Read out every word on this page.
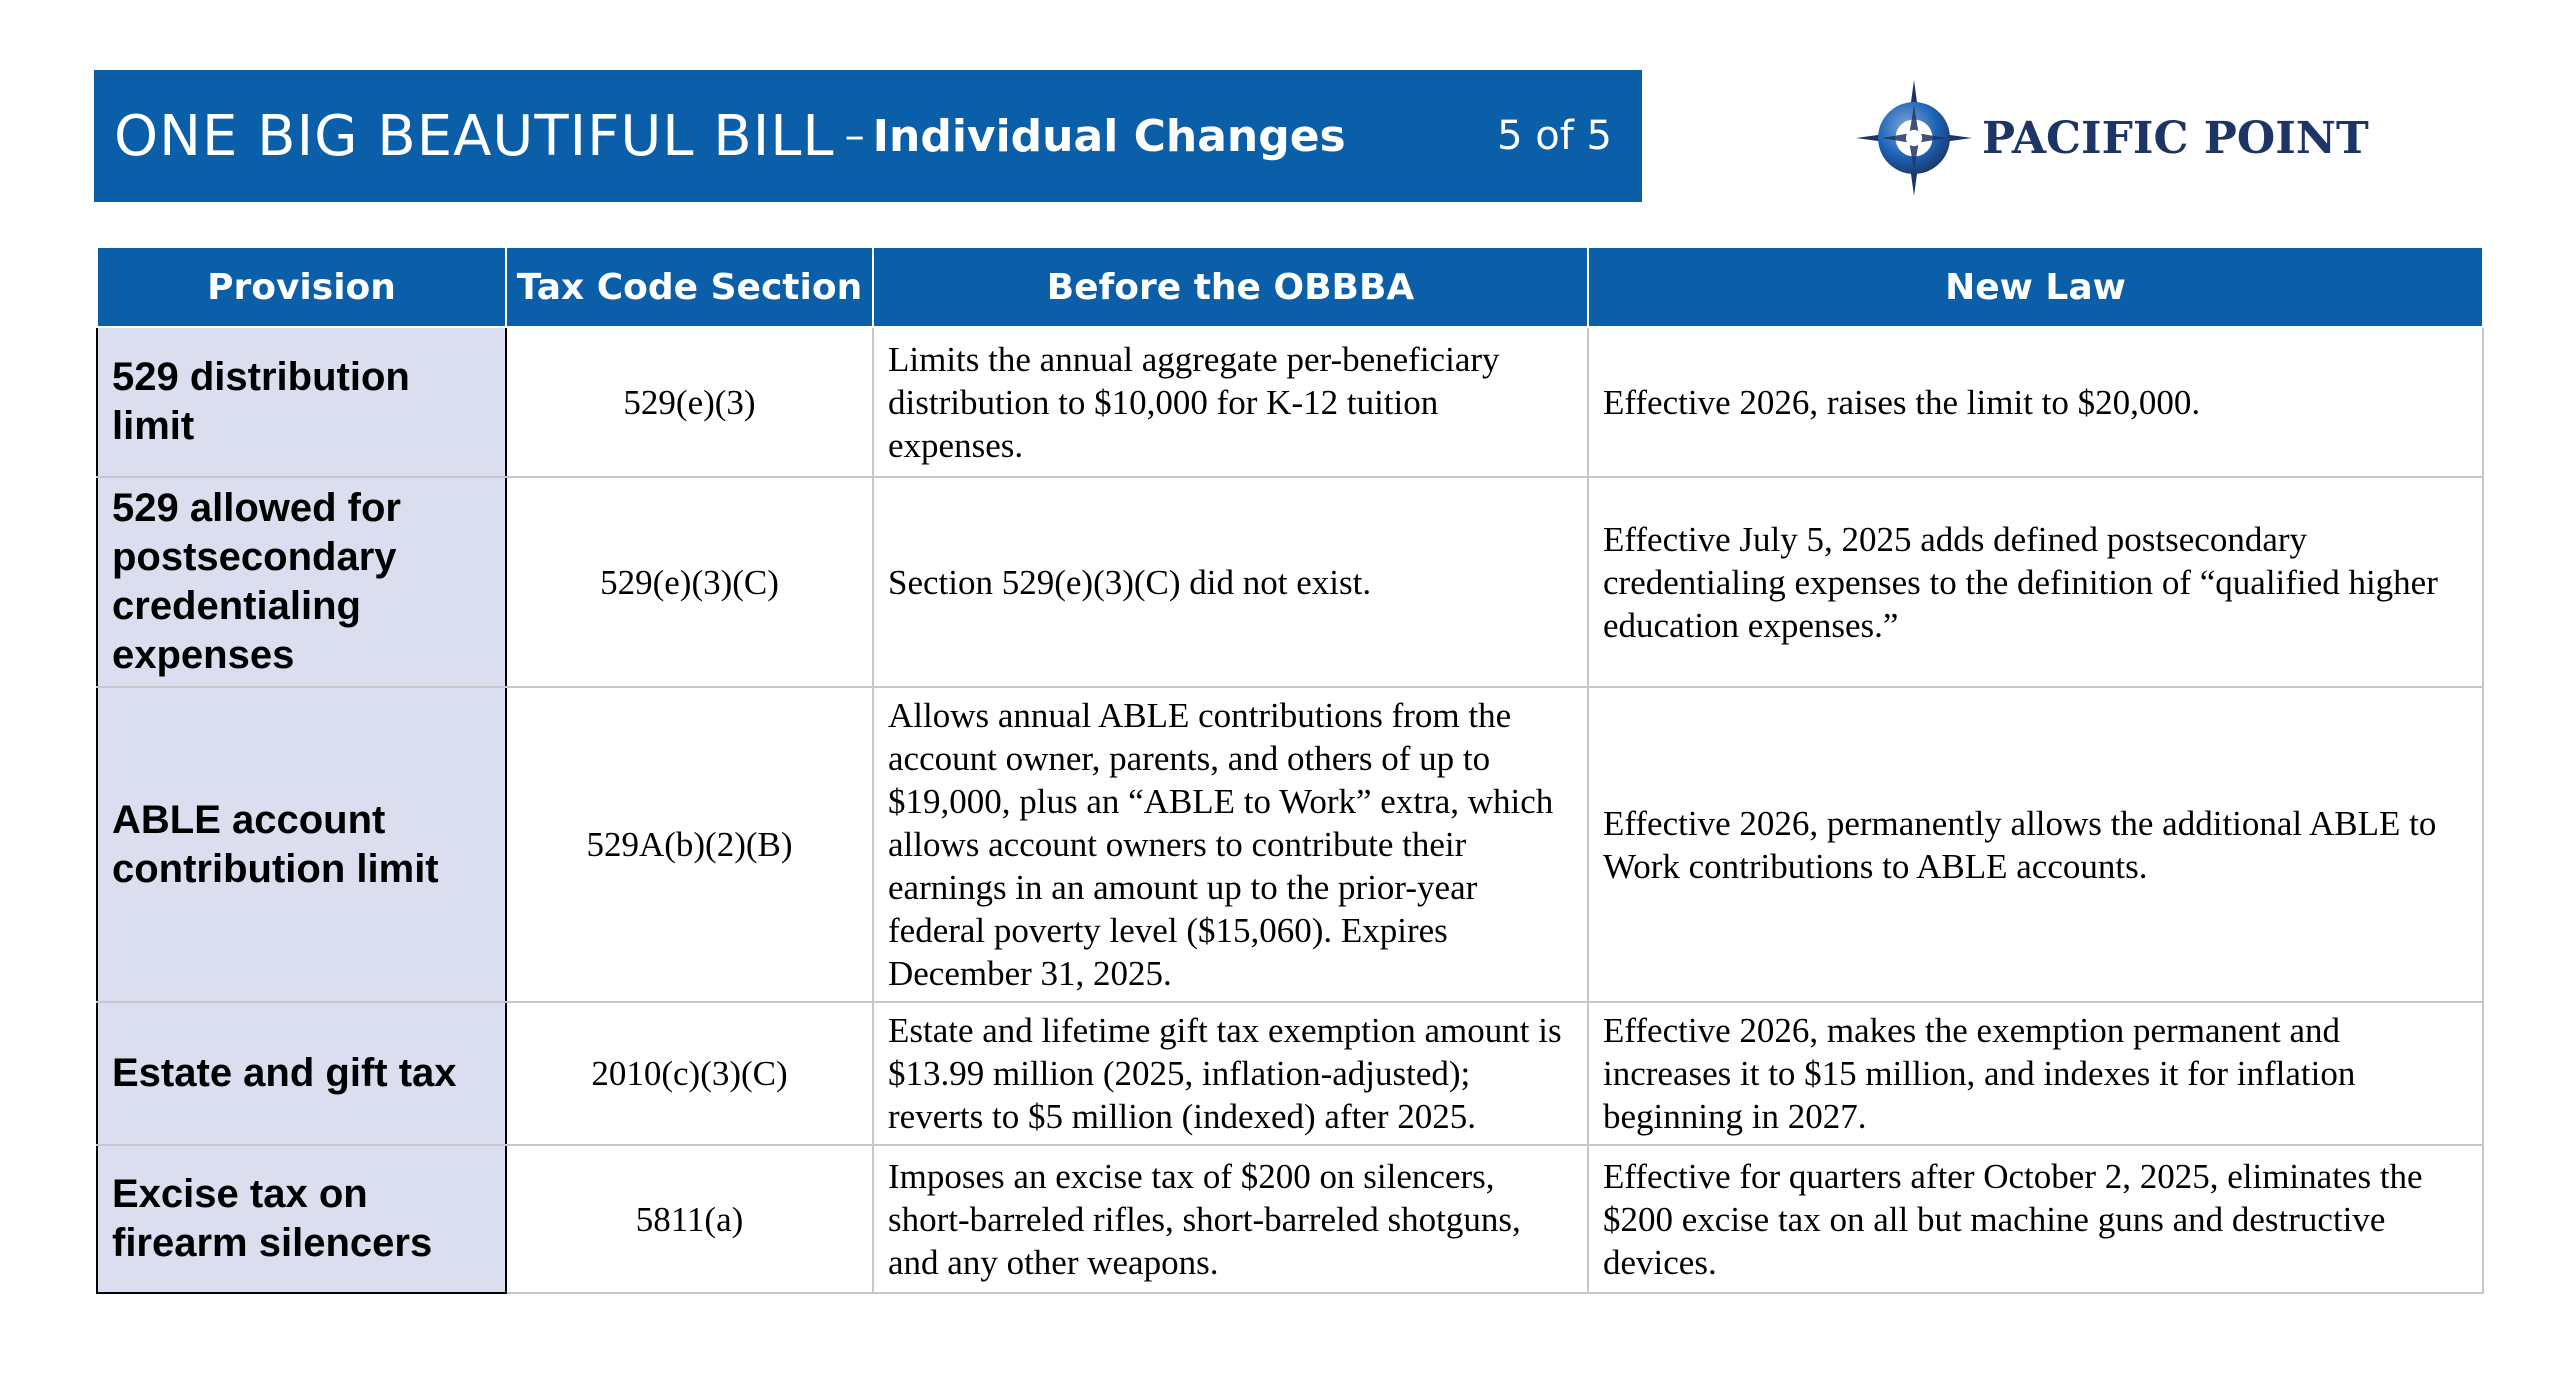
ONE BIG BEAUTIFUL BILL – Individual Changes	5 of 5	PACIFIC POINT
Provision	Tax Code Section	Before the OBBBA	New Law
529 distribution limit	529(e)(3)	Limits the annual aggregate per-beneficiary distribution to $10,000 for K-12 tuition expenses.	Effective 2026, raises the limit to $20,000.
529 allowed for postsecondary credentialing expenses	529(e)(3)(C)	Section 529(e)(3)(C) did not exist.	Effective July 5, 2025 adds defined postsecondary credentialing expenses to the definition of “qualified higher education expenses.”
ABLE account contribution limit	529A(b)(2)(B)	Allows annual ABLE contributions from the account owner, parents, and others of up to $19,000, plus an “ABLE to Work” extra, which allows account owners to contribute their earnings in an amount up to the prior-year federal poverty level ($15,060). Expires December 31, 2025.	Effective 2026, permanently allows the additional ABLE to Work contributions to ABLE accounts.
Estate and gift tax	2010(c)(3)(C)	Estate and lifetime gift tax exemption amount is $13.99 million (2025, inflation-adjusted); reverts to $5 million (indexed) after 2025.	Effective 2026, makes the exemption permanent and increases it to $15 million, and indexes it for inflation beginning in 2027.
Excise tax on firearm silencers	5811(a)	Imposes an excise tax of $200 on silencers, short-barreled rifles, short-barreled shotguns, and any other weapons.	Effective for quarters after October 2, 2025, eliminates the $200 excise tax on all but machine guns and destructive devices.
